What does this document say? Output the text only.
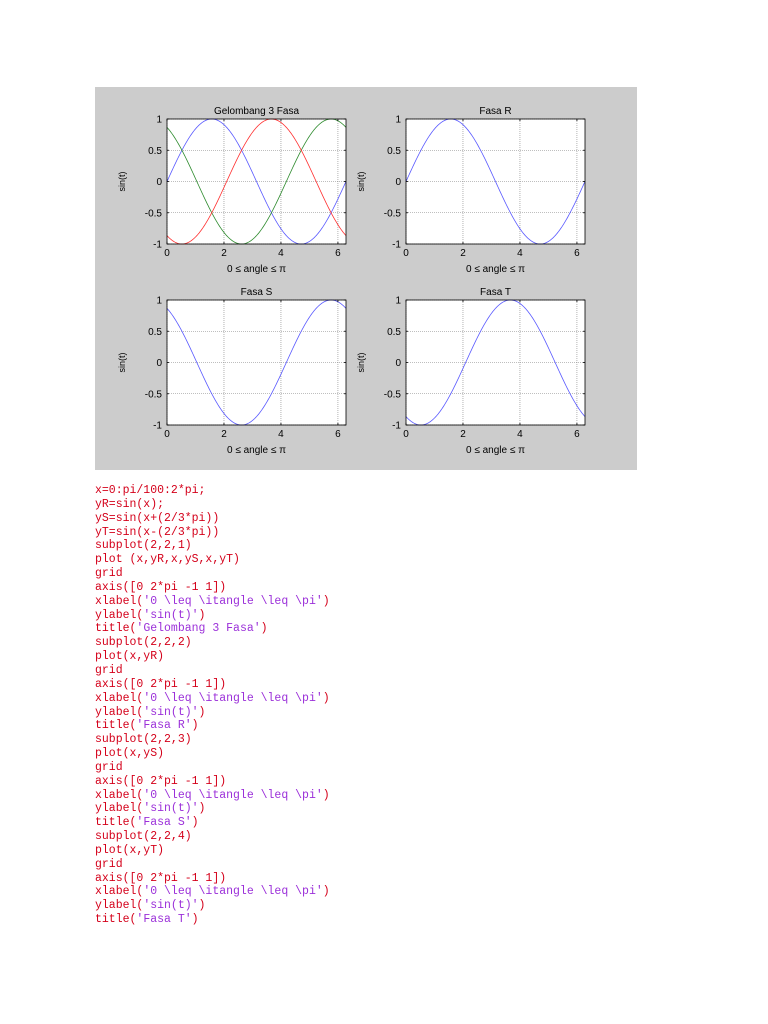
0	2	4	6
-1
-0.5
0
0.5
1
Gelombang 3 Fasa
sin(t)
0 ≤ angle ≤ π
0	2	4	6
-1
-0.5
0
0.5
1
Fasa R
sin(t)
0 ≤ angle ≤ π
0	2	4	6
-1
-0.5
0
0.5
1
Fasa S
sin(t)
0 ≤ angle ≤ π
0	2	4	6
-1
-0.5
0
0.5
1
Fasa T
sin(t)
0 ≤ angle ≤ π
x=0:pi/100:2*pi;
yR=sin(x);
yS=sin(x+(2/3*pi))
yT=sin(x-(2/3*pi))
subplot(2,2,1)
plot (x,yR,x,yS,x,yT)
grid
axis([0 2*pi -1 1])
xlabel('0 \leq \itangle \leq \pi')
ylabel('sin(t)')
title('Gelombang 3 Fasa')
subplot(2,2,2)
plot(x,yR)
grid
axis([0 2*pi -1 1])
xlabel('0 \leq \itangle \leq \pi')
ylabel('sin(t)')
title('Fasa R')
subplot(2,2,3)
plot(x,yS)
grid
axis([0 2*pi -1 1])
xlabel('0 \leq \itangle \leq \pi')
ylabel('sin(t)')
title('Fasa S')
subplot(2,2,4)
plot(x,yT)
grid
axis([0 2*pi -1 1])
xlabel('0 \leq \itangle \leq \pi')
ylabel('sin(t)')
title('Fasa T')
